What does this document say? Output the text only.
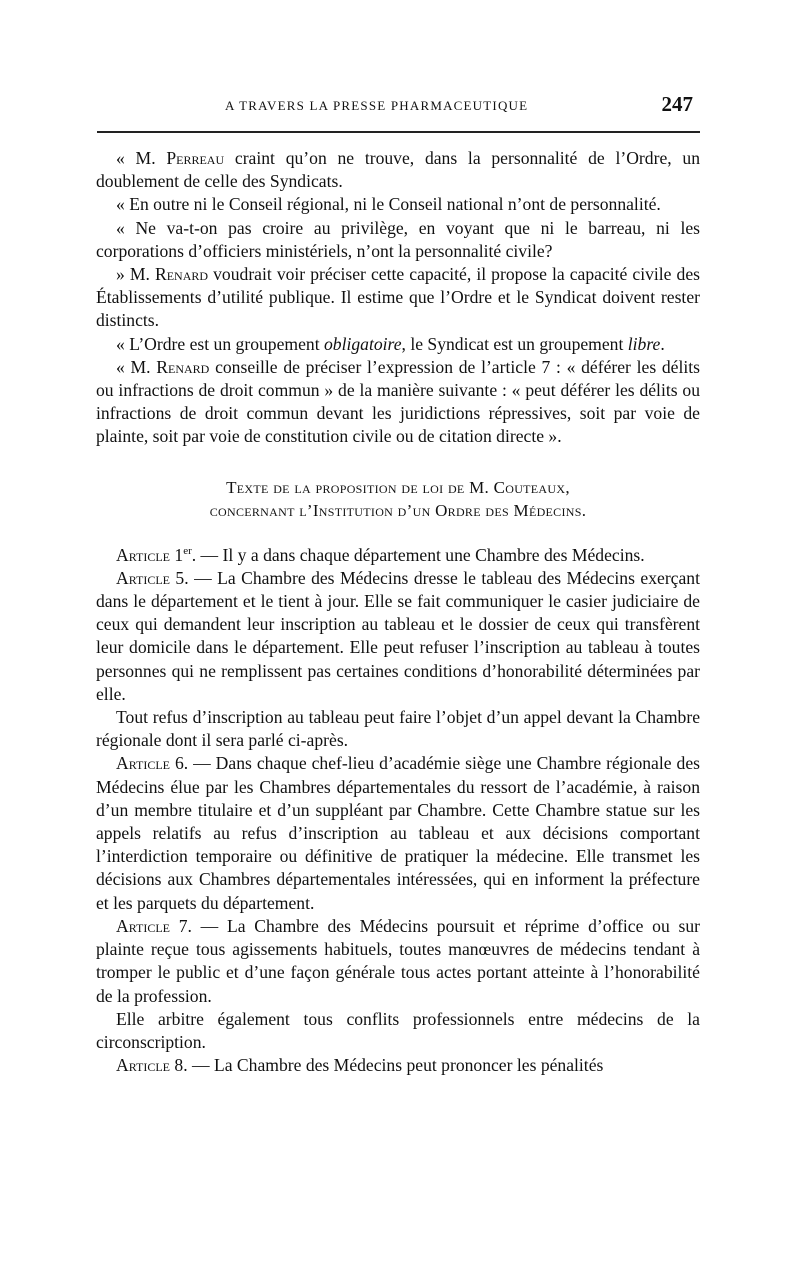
A TRAVERS LA PRESSE PHARMACEUTIQUE	247

« M. Perreau craint qu’on ne trouve, dans la personnalité de l’Ordre, un doublement de celle des Syndicats.

« En outre ni le Conseil régional, ni le Conseil national n’ont de personnalité.

« Ne va-t-on pas croire au privilège, en voyant que ni le barreau, ni les corporations d’officiers ministériels, n’ont la personnalité civile?

» M. Renard voudrait voir préciser cette capacité, il propose la capacité civile des Établissements d’utilité publique. Il estime que l’Ordre et le Syndicat doivent rester distincts.

« L’Ordre est un groupement obligatoire, le Syndicat est un groupement libre.

« M. Renard conseille de préciser l’expression de l’article 7 : « déférer les délits ou infractions de droit commun » de la manière suivante : « peut déférer les délits ou infractions de droit commun devant les juridictions répressives, soit par voie de plainte, soit par voie de constitution civile ou de citation directe ».

Texte de la proposition de loi de M. Couteaux,
concernant l’Institution d’un Ordre des Médecins.

Article 1er. — Il y a dans chaque département une Chambre des Médecins.

Article 5. — La Chambre des Médecins dresse le tableau des Médecins exerçant dans le département et le tient à jour. Elle se fait communiquer le casier judiciaire de ceux qui demandent leur inscription au tableau et le dossier de ceux qui transfèrent leur domicile dans le département. Elle peut refuser l’inscription au tableau à toutes personnes qui ne remplissent pas certaines conditions d’honorabilité déterminées par elle.

Tout refus d’inscription au tableau peut faire l’objet d’un appel devant la Chambre régionale dont il sera parlé ci-après.

Article 6. — Dans chaque chef-lieu d’académie siège une Chambre régionale des Médecins élue par les Chambres départementales du ressort de l’académie, à raison d’un membre titulaire et d’un suppléant par Chambre. Cette Chambre statue sur les appels relatifs au refus d’inscription au tableau et aux décisions comportant l’interdiction temporaire ou définitive de pratiquer la médecine. Elle transmet les décisions aux Chambres départementales intéressées, qui en informent la préfecture et les parquets du département.

Article 7. — La Chambre des Médecins poursuit et réprime d’office ou sur plainte reçue tous agissements habituels, toutes manœuvres de médecins tendant à tromper le public et d’une façon générale tous actes portant atteinte à l’honorabilité de la profession.

Elle arbitre également tous conflits professionnels entre médecins de la circonscription.

Article 8. — La Chambre des Médecins peut prononcer les pénalités
